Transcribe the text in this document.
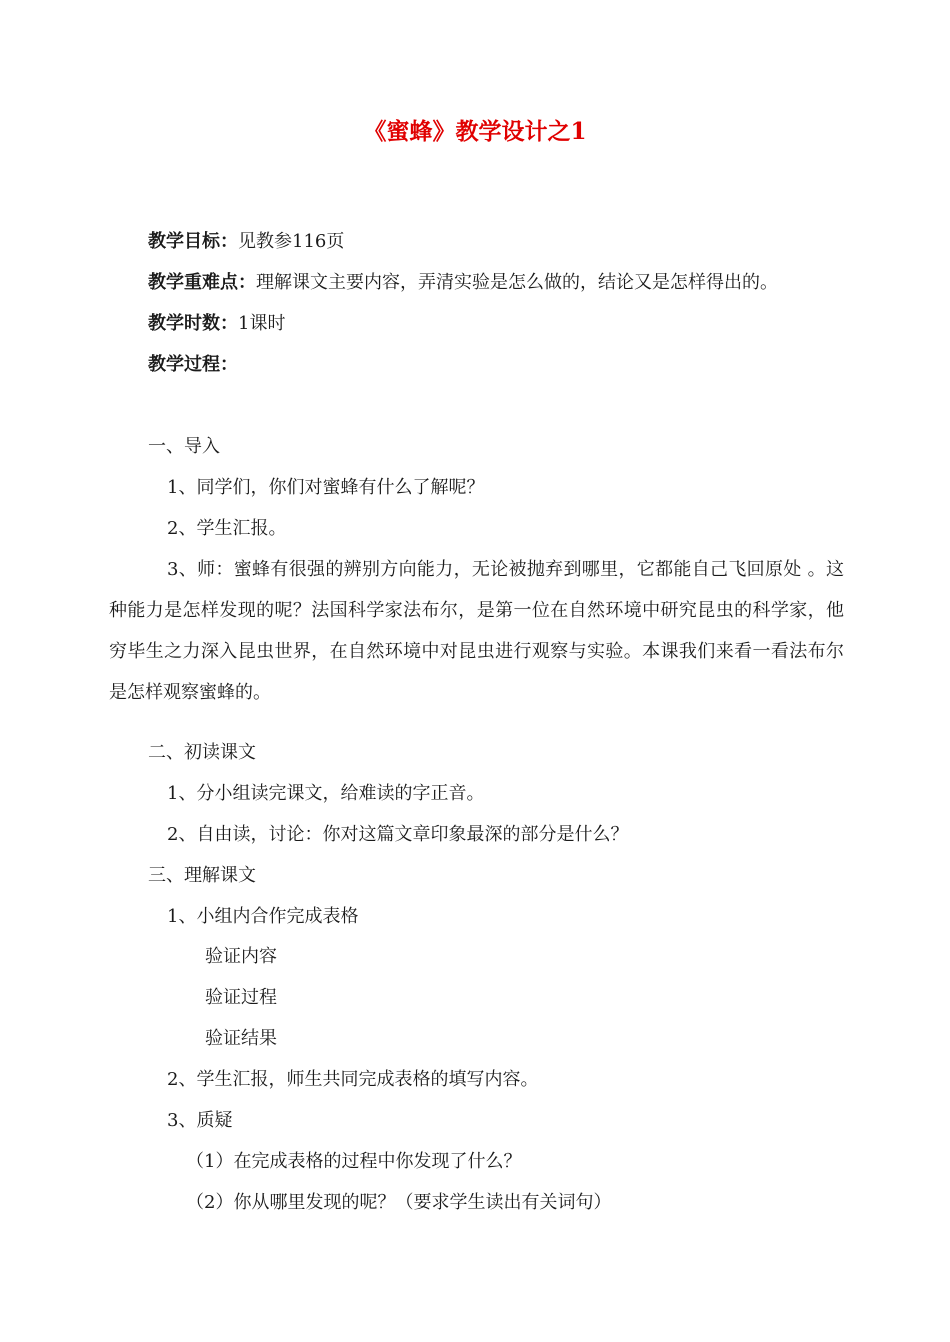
《蜜蜂》教学设计之1
教学目标：见教参116页
教学重难点：理解课文主要内容，弄清实验是怎么做的，结论又是怎样得出的。
教学时数：1课时
教学过程：
一、导入
1、同学们，你们对蜜蜂有什么了解呢？
2、学生汇报。
3、师：蜜蜂有很强的辨别方向能力，无论被抛弃到哪里，它都能自己飞回原处 。这种能力是怎样发现的呢？法国科学家法布尔，是第一位在自然环境中研究昆虫的科学家，他穷毕生之力深入昆虫世界，在自然环境中对昆虫进行观察与实验。本课我们来看一看法布尔是怎样观察蜜蜂的。
二、初读课文
1、分小组读完课文，给难读的字正音。
2、自由读，讨论：你对这篇文章印象最深的部分是什么？
三、理解课文
1、小组内合作完成表格
验证内容
验证过程
验证结果
2、学生汇报，师生共同完成表格的填写内容。
3、质疑
（1）在完成表格的过程中你发现了什么？
（2）你从哪里发现的呢？（要求学生读出有关词句）
